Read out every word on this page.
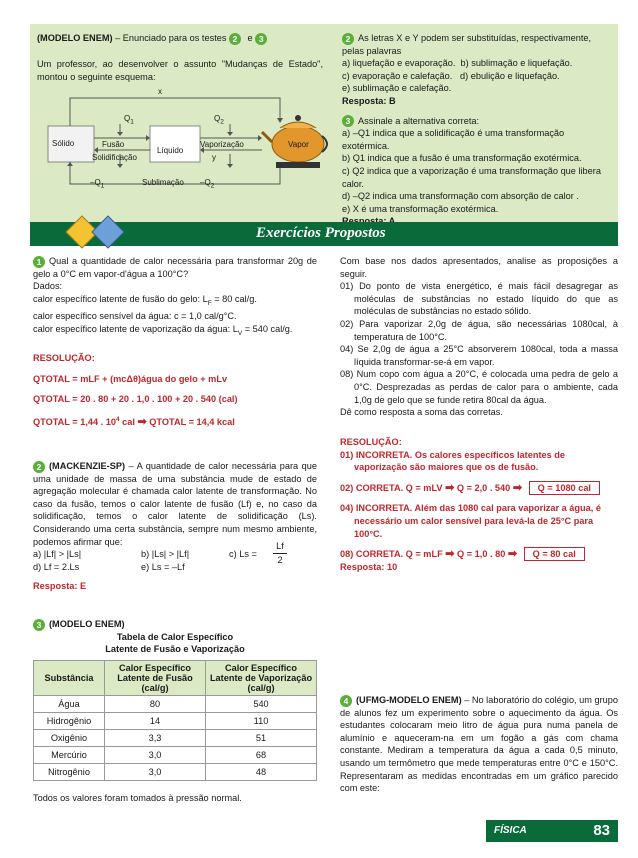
(MODELO ENEM) – Enunciado para os testes 2 e 3
Um professor, ao desenvolver o assunto "Mudanças de Estado", montou o seguinte esquema:
Sólido
Líquido
Vapor
Fusão
Solidificação
Vaporização
Sublimação
x
y
$Q_1$	$Q_2$
$-Q_1$	$-Q_2$

2 As letras X e Y podem ser substituídas, respectivamente, pelas palavras

a) liquefação e evaporação. b) sublimação e liquefação.

c) evaporação e calefação. d) ebulição e liquefação.

e) sublimação e calefação.

Resposta: B

3 Assinale a alternativa correta:

a) –Q1 indica que a solidificação é uma transformação exotérmica.

b) Q1 indica que a fusão é uma transformação exotérmica.

c) Q2 indica que a vaporização é uma transformação que libera calor.

d) –Q2 indica uma transformação com absorção de calor .

e) X é uma transformação exotérmica.

Exercícios Propostos

1 Qual a quantidade de calor necessária para transformar 20g de gelo a 0°C em vapor-d'água a 100°C?

Dados:

calor específico latente de fusão do gelo: $L_F = 80$ cal/g.

calor específico sensível da água: c = 1,0 cal/g°C.

calor específico latente de vaporização da água: $L_V = 540$ cal/g.

RESOLUÇÃO:

QTOTAL = mLF + (mcΔθ)água do gelo + mLv

QTOTAL = 20 . 80 + 20 . 1,0 . 100 + 20 . 540 (cal)

QTOTAL = 1,44 . $10^4$ cal ➡ QTOTAL = 14,4 kcal

2 (MACKENZIE-SP) – A quantidade de calor necessária para que uma unidade de massa de uma substância mude de estado de agregação molecular é chamada calor latente de transformação. No caso da fusão, temos o calor latente de fusão (Lf) e, no caso da solidificação, temos o calor latente de solidificação (Ls). Considerando uma certa substância, sempre num mesmo ambiente, podemos afirmar que:

a) |Lf| > |Ls|	b) |Ls| > |Lf|	c) Ls =
Lf
2
d) Lf = 2.Ls	e) Ls = –Lf

Resposta: E

3 (MODELO ENEM)

Tabela de Calor Específico

Latente de Fusão e Vaporização

Substância	Calor Específico Latente de Fusão (cal/g)	Calor Específico Latente de Vaporização (cal/g)
Água	80	540
Hidrogênio	14	110
Oxigênio	3,3	51
Mercúrio	3,0	68
Nitrogênio	3,0	48
Todos os valores foram tomados à pressão normal.

Com base nos dados apresentados, analise as proposições a seguir.

01) Do ponto de vista energético, é mais fácil desagregar as moléculas de substâncias no estado líquido do que as moléculas de substâncias no estado sólido.

02) Para vaporizar 2,0g de água, são necessárias 1080cal, à temperatura de 100°C.

04) Se 2,0g de água a 25°C absorverem 1080cal, toda a massa líquida transformar-se-á em vapor.

08) Num copo com água a 20°C, é colocada uma pedra de gelo a 0°C. Desprezadas as perdas de calor para o ambiente, cada 1,0g de gelo que se funde retira 80cal da água.

Dê como resposta a soma das corretas.

RESOLUÇÃO:

01) INCORRETA. Os calores específicos latentes de vaporização são maiores que os de fusão.

02) CORRETA. Q = mLV ➡ Q = 2,0 . 540 ➡ Q = 1080 cal

04) INCORRETA. Além das 1080 cal para vaporizar a água, é necessário um calor sensível para levá-la de 25°C para 100°C.

08) CORRETA. Q = mLF ➡ Q = 1,0 . 80 ➡ Q = 80 cal

Resposta: 10

4 (UFMG-MODELO ENEM) – No laboratório do colégio, um grupo de alunos fez um experimento sobre o aquecimento da água. Os estudantes colocaram meio litro de água pura numa panela de alumínio e aqueceram-na em um fogão a gás com chama constante. Mediram a temperatura da água a cada 0,5 minuto, usando um termômetro que mede temperaturas entre 0°C e 150°C. Representaram as medidas encontradas em um gráfico parecido com este:

FÍSICA	83
